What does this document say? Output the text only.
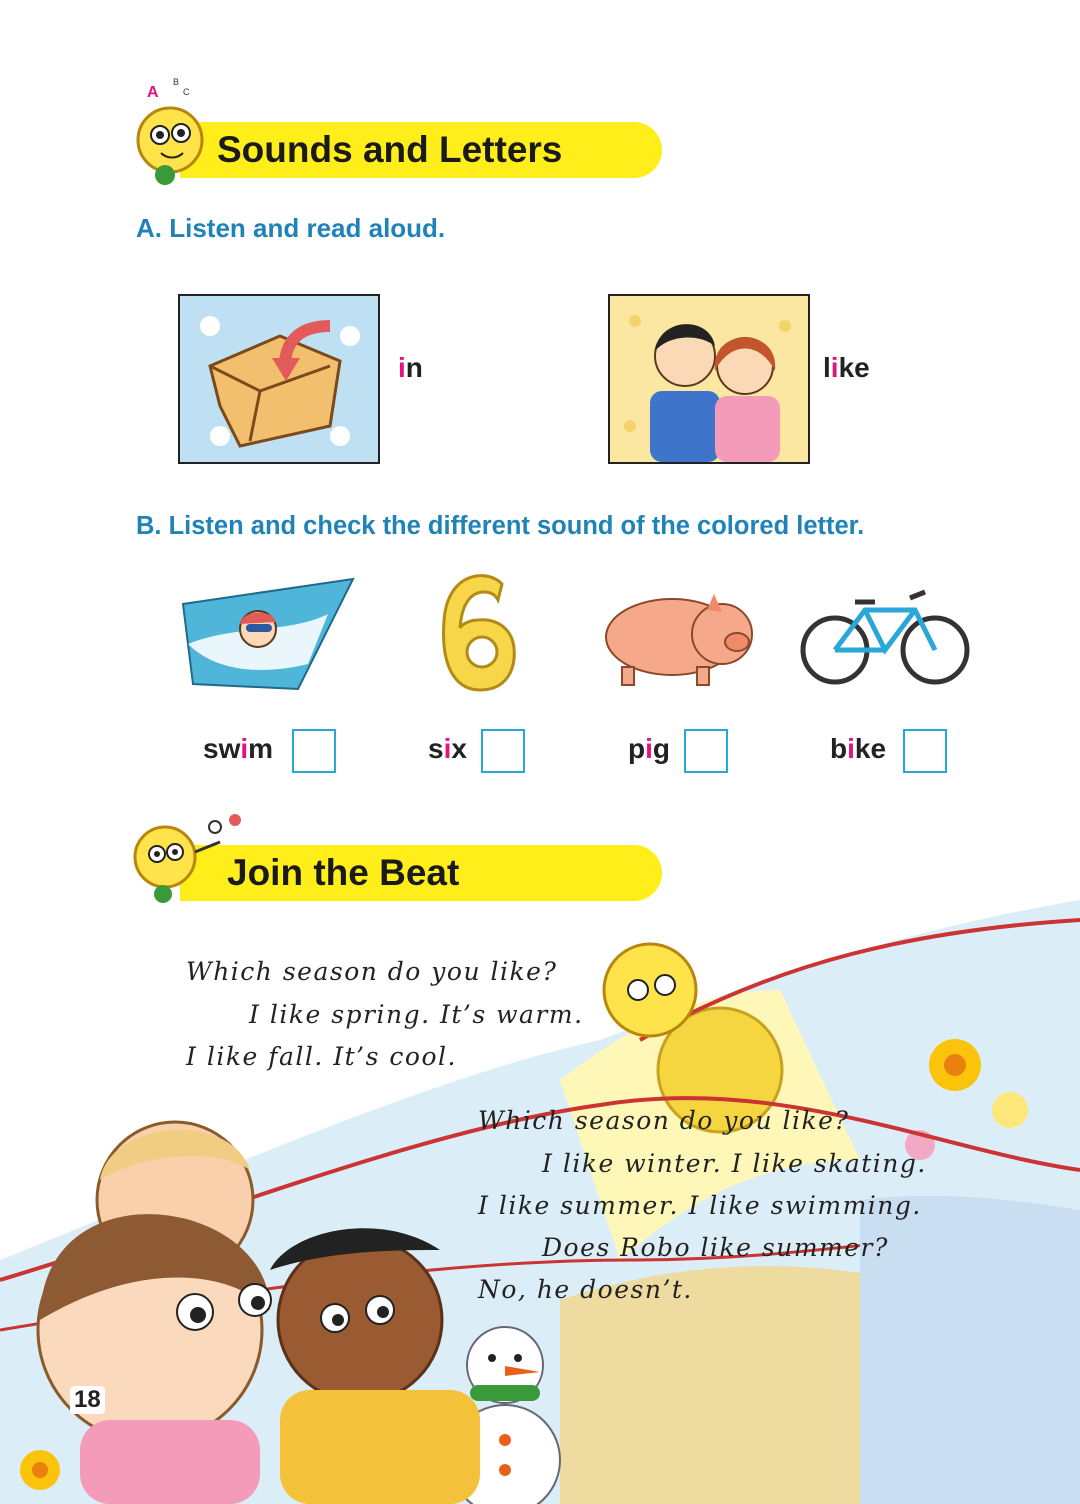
A
B
C
Sounds and Letters
A. Listen and read aloud.
in	like
B. Listen and check the different sound of the colored letter.
swim	six	pig	bike
Join the Beat
Which season do you like?
I like spring. It’s warm.
I like fall. It’s cool.
Which season do you like?
I like winter. I like skating.
I like summer. I like swimming.
Does Robo like summer?
No, he doesn’t.
18
